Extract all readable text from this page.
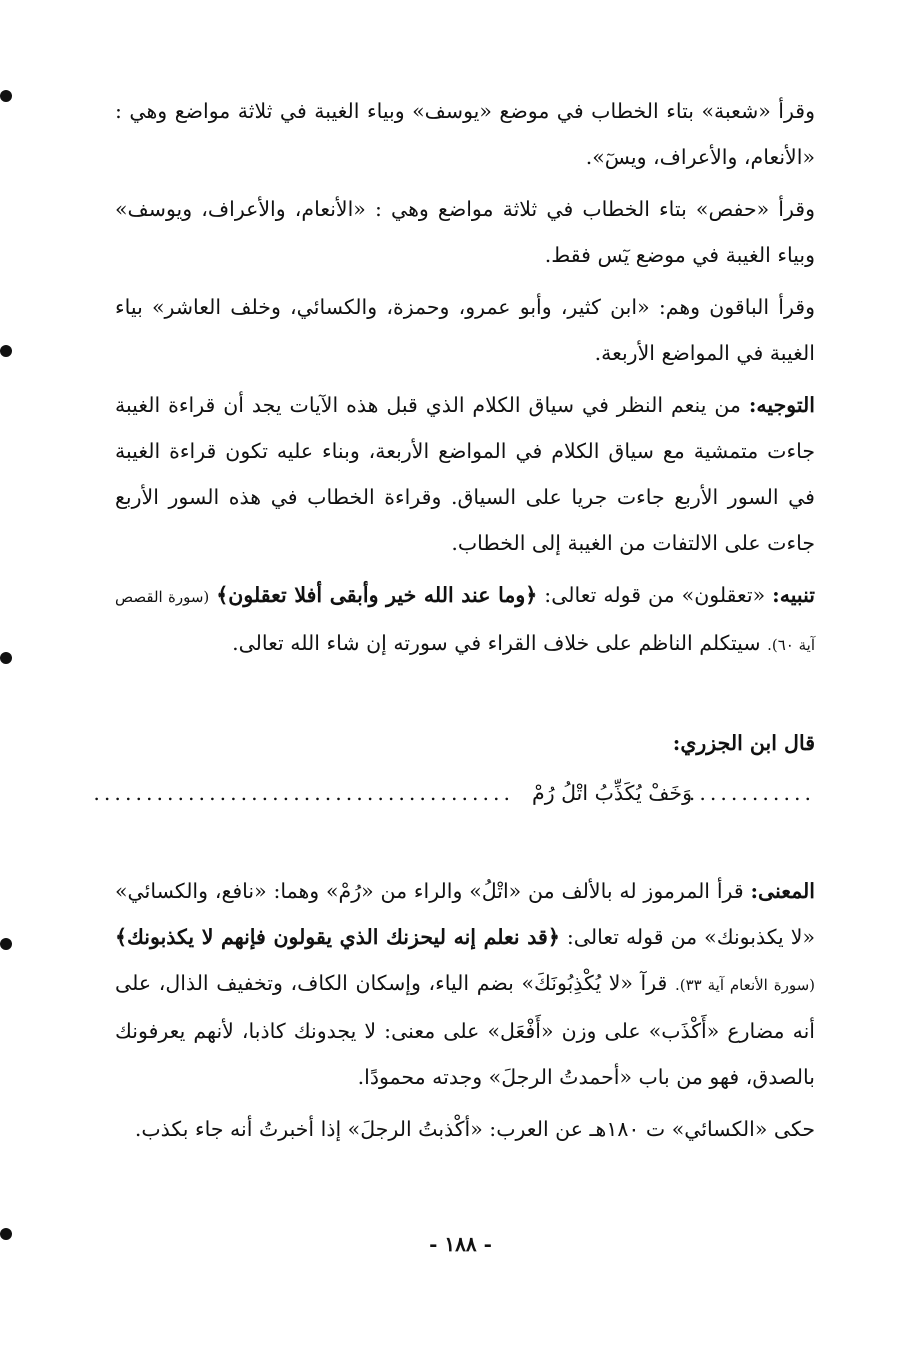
وقرأ «شعبة» بتاء الخطاب في موضع «يوسف» وبياء الغيبة في ثلاثة مواضع وهي : «الأنعام، والأعراف، ويسٓ».

وقرأ «حفص» بتاء الخطاب في ثلاثة مواضع وهي : «الأنعام، والأعراف، ويوسف» وبياء الغيبة في موضع يٓس فقط.

وقرأ الباقون وهم: «ابن كثير، وأبو عمرو، وحمزة، والكسائي، وخلف العاشر» بياء الغيبة في المواضع الأربعة.

التوجيه: من ينعم النظر في سياق الكلام الذي قبل هذه الآيات يجد أن قراءة الغيبة جاءت متمشية مع سياق الكلام في المواضع الأربعة، وبناء عليه تكون قراءة الغيبة في السور الأربع جاءت جريا على السياق. وقراءة الخطاب في هذه السور الأربع جاءت على الالتفات من الغيبة إلى الخطاب.

تنبيه: «تعقلون» من قوله تعالى: ﴿وما عند الله خير وأبقى أفلا تعقلون﴾ (سورة القصص آية ٦٠). سيتكلم الناظم على خلاف القراء في سورته إن شاء الله تعالى.

قال ابن الجزري:

............
وَخَفْ يُكَذِّبُ اتْلُ رُمْ
........................................

المعنى: قرأ المرموز له بالألف من «اتْلُ» والراء من «رُمْ» وهما: «نافع، والكسائي» «لا يكذبونك» من قوله تعالى: ﴿قد نعلم إنه ليحزنك الذي يقولون فإنهم لا يكذبونك﴾ (سورة الأنعام آية ٣٣). قرآ «لا يُكْذِبُونَكَ» بضم الياء، وإسكان الكاف، وتخفيف الذال، على أنه مضارع «أَكْذَب» على وزن «أَفْعَل» على معنى: لا يجدونك كاذبا، لأنهم يعرفونك بالصدق، فهو من باب «أحمدتُ الرجلَ» وجدته محمودًا.

حكى «الكسائي» ت ١٨٠هـ عن العرب: «أكْذبتُ الرجلَ» إذا أخبرتُ أنه جاء بكذب.

- ١٨٨ -
